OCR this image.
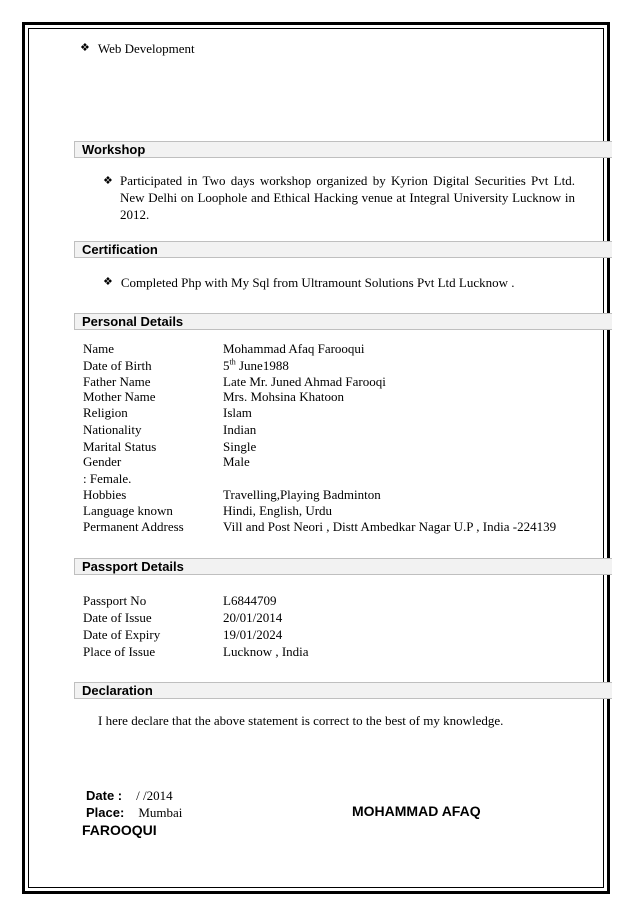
❖ Web Development
Workshop
❖ Participated in Two days workshop organized by Kyrion Digital Securities Pvt Ltd. New Delhi on Loophole and Ethical Hacking venue at Integral University Lucknow in 2012.
Certification
❖ Completed Php with My Sql from Ultramount Solutions Pvt Ltd Lucknow .
Personal Details
Name	Mohammad Afaq Farooqui
Date of Birth	5th June1988
Father Name	Late Mr. Juned Ahmad Farooqi
Mother Name	Mrs. Mohsina Khatoon
Religion	Islam
Nationality	Indian
Marital Status	Single
Gender	Male
: Female.
Hobbies	Travelling,Playing Badminton
Language known	Hindi, English, Urdu
Permanent Address	Vill and Post Neori , Distt Ambedkar Nagar U.P , India -224139
Passport Details
Passport No	L6844709
Date of Issue	20/01/2014
Date of Expiry	19/01/2024
Place of Issue	Lucknow , India
Declaration
I here declare that the above statement is correct to the best of my knowledge.
Date : / /2014
Place: Mumbai	MOHAMMAD AFAQ
FAROOQUI
